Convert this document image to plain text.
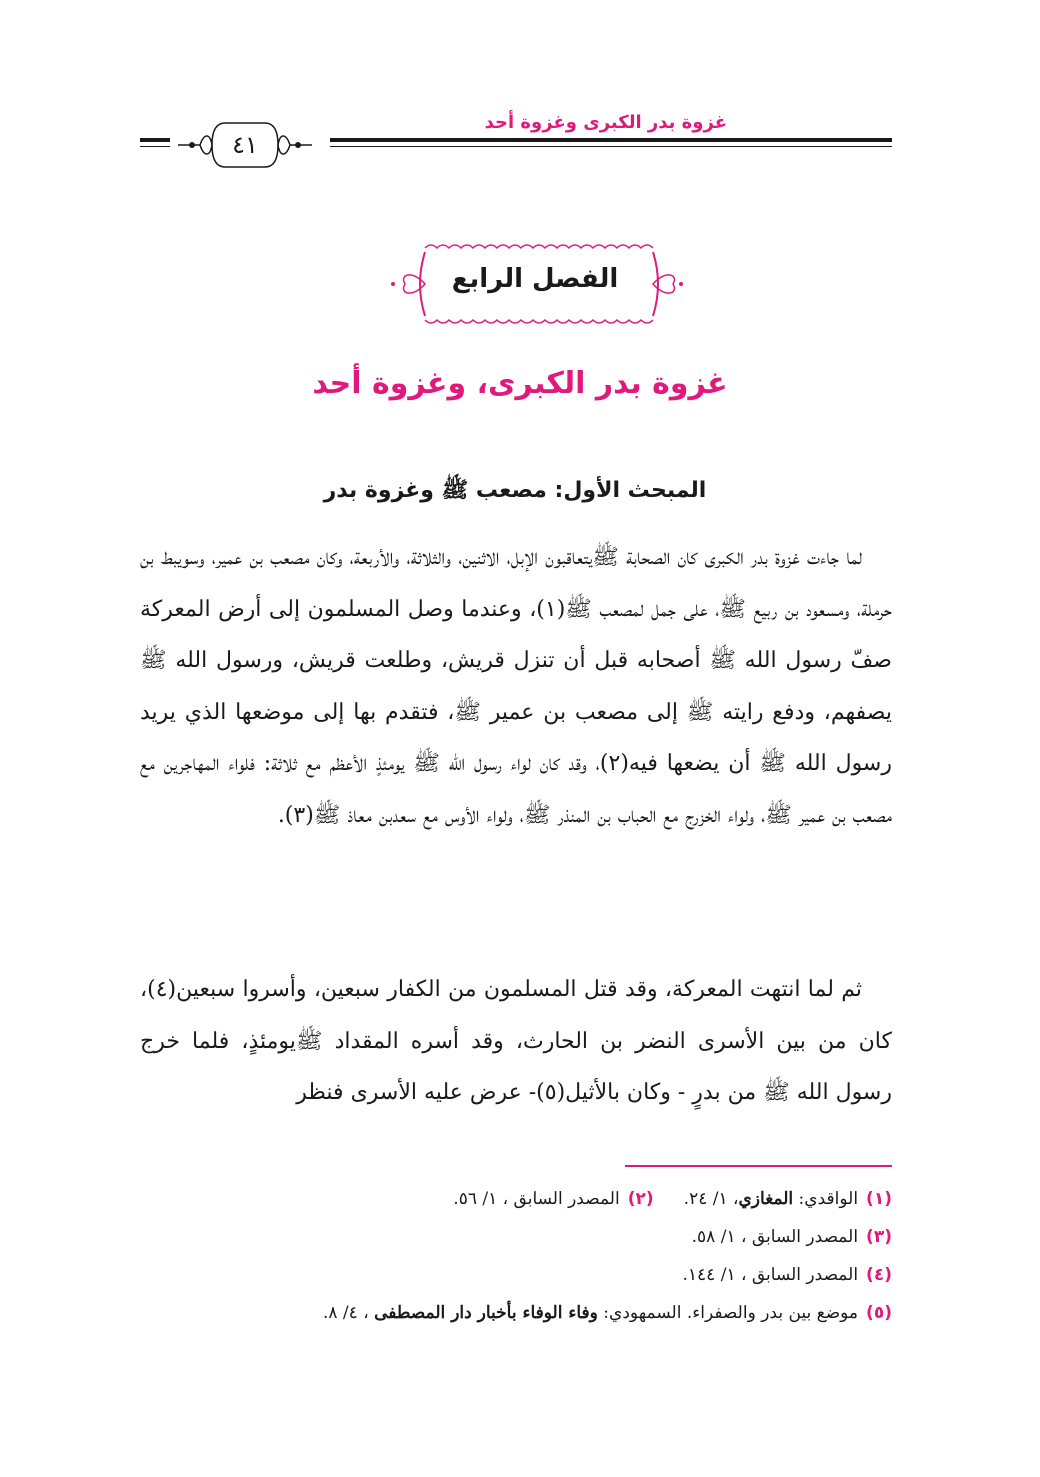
غزوة بدر الكبرى وغزوة أحد
٤١
الفصل الرابع
غزوة بدر الكبرى، وغزوة أحد
المبحث الأول: مصعب ﷺ وغزوة بدر
لما جاءت غزوة بدر الكبرى كان الصحابة ﷺيتعاقبون الإبل، الاثنين، والثلاثة، والأربعة، وكان مصعب بن عمير، وسويبط بن حرملة، ومسعود بن ربيع ﷺ، على جمل لمصعب ﷺ(١)، وعندما وصل المسلمون إلى أرض المعركة صفّ رسول الله ﷺ أصحابه قبل أن تنزل قريش، وطلعت قريش، ورسول الله ﷺ يصفهم، ودفع رايته ﷺ إلى مصعب بن عمير ﷺ، فتقدم بها إلى موضعها الذي يريد رسول الله ﷺ أن يضعها فيه(٢)، وقد كان لواء رسول الله ﷺ يومئذٍ الأعظم مع ثلاثة: فلواء المهاجرين مع مصعب بن عمير ﷺ، ولواء الخزرج مع الحباب بن المنذر ﷺ، ولواء الأوس مع سعدبن معاذ ﷺ(٣).
ثم لما انتهت المعركة، وقد قتل المسلمون من الكفار سبعين، وأسروا سبعين(٤)، كان من بين الأسرى النضر بن الحارث، وقد أسره المقداد ﷺيومئذٍ، فلما خرج رسول الله ﷺ من بدرٍ - وكان بالأثيل(٥)- عرض عليه الأسرى فنظر
(١)الواقدي: المغازي، ١/ ٢٤.(٢)المصدر السابق ، ١/ ٥٦.
(٣)المصدر السابق ، ١/ ٥٨.
(٤)المصدر السابق ، ١/ ١٤٤.
(٥)موضع بين بدر والصفراء. السمهودي: وفاء الوفاء بأخبار دار المصطفى ، ٤/ ٨.
